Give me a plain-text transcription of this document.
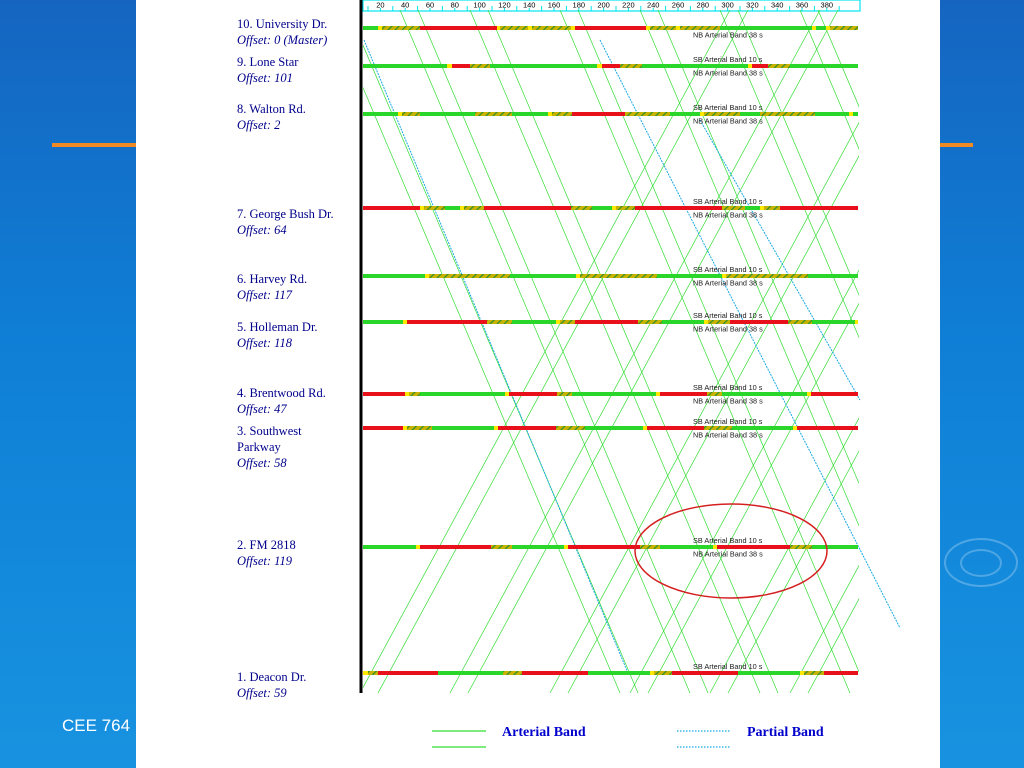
CEE 764
10. University Dr.
Offset: 0 (Master)
9. Lone Star
Offset: 101
8. Walton Rd.
Offset: 2
7. George Bush Dr.
Offset: 64
6. Harvey Rd.
Offset: 117
5. Holleman Dr.
Offset: 118
4. Brentwood Rd.
Offset: 47
3. Southwest Parkway
Offset: 58
2. FM 2818
Offset: 119
1. Deacon Dr.
Offset: 59
20 40 60 80 100 120 140 160 180 200 220 240 260 280 300 320 340 360 380
NB Arterial Band 38 s
SB Arterial Band 10 s
NB Arterial Band 38 s
SB Arterial Band 10 s
NB Arterial Band 38 s
SB Arterial Band 10 s
NB Arterial Band 38 s
SB Arterial Band 10 s
NB Arterial Band 38 s
SB Arterial Band 10 s
NB Arterial Band 38 s
SB Arterial Band 10 s
NB Arterial Band 38 s
SB Arterial Band 10 s
NB Arterial Band 38 s
SB Arterial Band 10 s
NB Arterial Band 38 s
SB Arterial Band 10 s
Arterial Band	Partial Band
